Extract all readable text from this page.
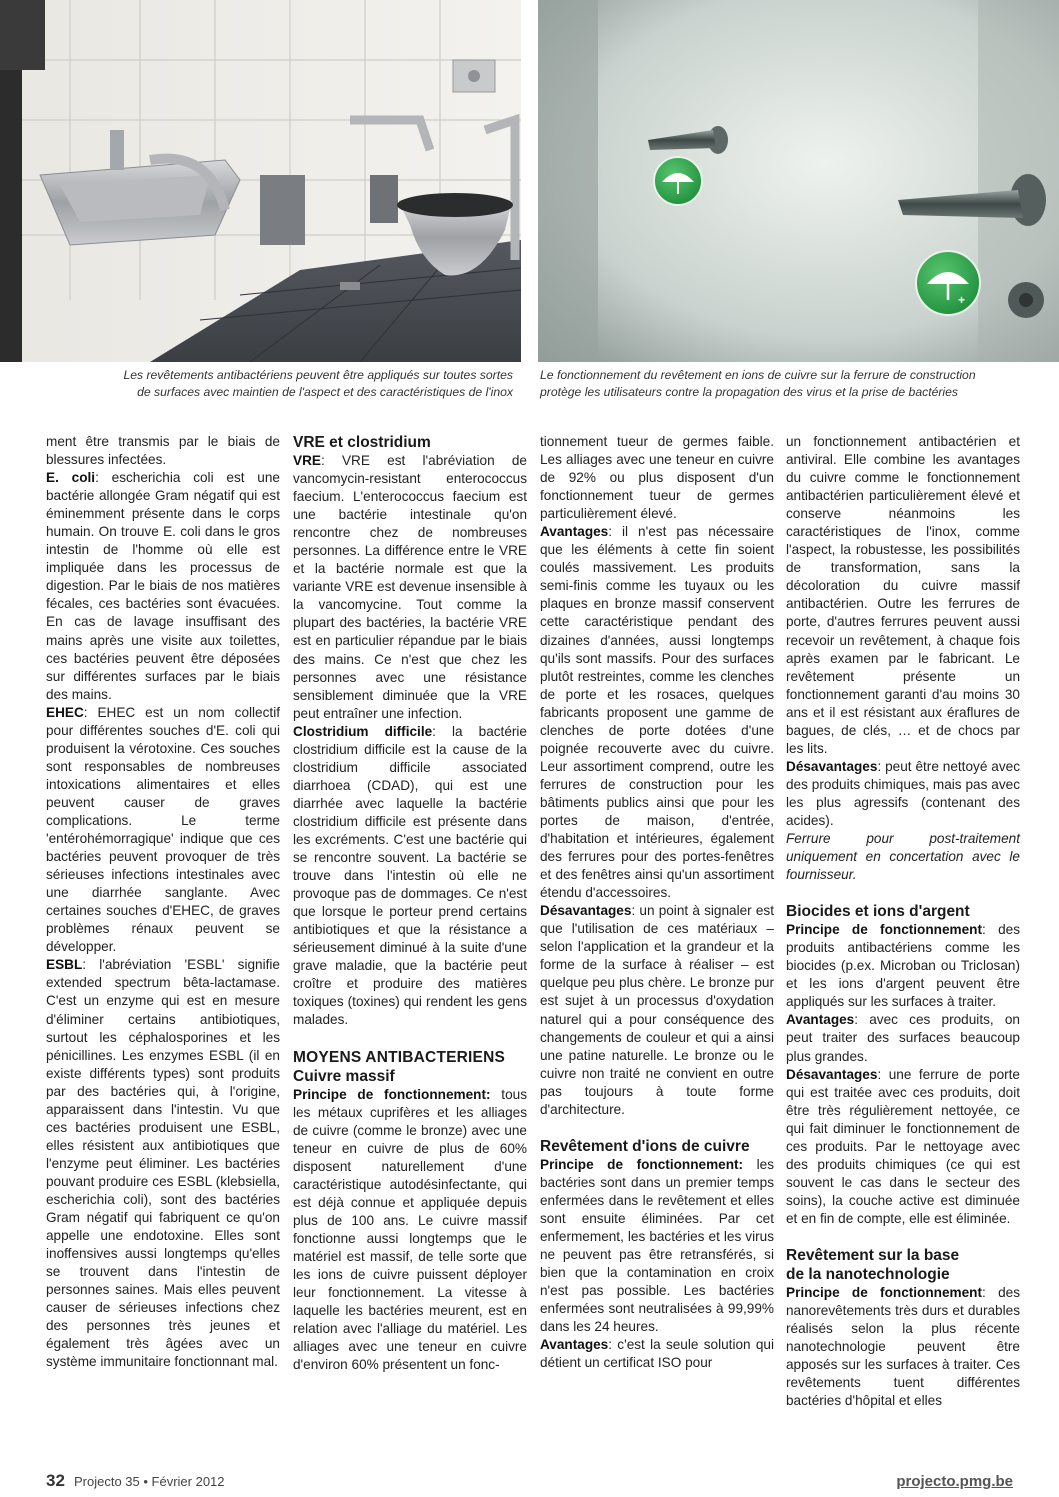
+
Les revêtements antibactériens peuvent être appliqués sur toutes sortes
de surfaces avec maintien de l'aspect et des caractéristiques de l'inox
Le fonctionnement du revêtement en ions de cuivre sur la ferrure de construction
protège les utilisateurs contre la propagation des virus et la prise de bactéries

ment être transmis par le biais de blessures infectées.

E. coli: escherichia coli est une bactérie allongée Gram négatif qui est éminemment présente dans le corps humain. On trouve E. coli dans le gros intestin de l'homme où elle est impliquée dans les processus de digestion. Par le biais de nos matières fécales, ces bactéries sont évacuées. En cas de lavage insuffisant des mains après une visite aux toilettes, ces bactéries peuvent être déposées sur différentes surfaces par le biais des mains.

EHEC: EHEC est un nom collectif pour différentes souches d'E. coli qui produisent la vérotoxine. Ces souches sont responsables de nombreuses intoxications alimentaires et elles peuvent causer de graves complications. Le terme 'entérohémorragique' indique que ces bactéries peuvent provoquer de très sérieuses infections intestinales avec une diarrhée sanglante. Avec certaines souches d'EHEC, de graves problèmes rénaux peuvent se développer.

ESBL: l'abréviation 'ESBL' signifie extended spectrum bêta-lactamase. C'est un enzyme qui est en mesure d'éliminer certains antibiotiques, surtout les céphalosporines et les pénicillines. Les enzymes ESBL (il en existe différents types) sont produits par des bactéries qui, à l'origine, apparaissent dans l'intestin. Vu que ces bactéries produisent une ESBL, elles résistent aux antibiotiques que l'enzyme peut éliminer. Les bactéries pouvant produire ces ESBL (klebsiella, escherichia coli), sont des bactéries Gram négatif qui fabriquent ce qu'on appelle une endotoxine. Elles sont inoffensives aussi longtemps qu'elles se trouvent dans l'intestin de personnes saines. Mais elles peuvent causer de sérieuses infections chez des personnes très jeunes et également très âgées avec un système immunitaire fonctionnant mal.

VRE et clostridium

VRE: VRE est l'abréviation de vancomycin-resistant enterococcus faecium. L'enterococcus faecium est une bactérie intestinale qu'on rencontre chez de nombreuses personnes. La différence entre le VRE et la bactérie normale est que la variante VRE est devenue insensible à la vancomycine. Tout comme la plupart des bactéries, la bactérie VRE est en particulier répandue par le biais des mains. Ce n'est que chez les personnes avec une résistance sensiblement diminuée que la VRE peut entraîner une infection.

Clostridium difficile: la bactérie clostridium difficile est la cause de la clostridium difficile associated diarrhoea (CDAD), qui est une diarrhée avec laquelle la bactérie clostridium difficile est présente dans les excréments. C'est une bactérie qui se rencontre souvent. La bactérie se trouve dans l'intestin où elle ne provoque pas de dommages. Ce n'est que lorsque le porteur prend certains antibiotiques et que la résistance a sérieusement diminué à la suite d'une grave maladie, que la bactérie peut croître et produire des matières toxiques (toxines) qui rendent les gens malades.

MOYENS ANTIBACTERIENS
Cuivre massif

Principe de fonctionnement: tous les métaux cuprifères et les alliages de cuivre (comme le bronze) avec une teneur en cuivre de plus de 60% disposent naturellement d'une caractéristique autodésinfectante, qui est déjà connue et appliquée depuis plus de 100 ans. Le cuivre massif fonctionne aussi longtemps que le matériel est massif, de telle sorte que les ions de cuivre puissent déployer leur fonctionnement. La vitesse à laquelle les bactéries meurent, est en relation avec l'alliage du matériel. Les alliages avec une teneur en cuivre d'environ 60% présentent un fonc-

tionnement tueur de germes faible. Les alliages avec une teneur en cuivre de 92% ou plus disposent d'un fonctionnement tueur de germes particulièrement élevé.

Avantages: il n'est pas nécessaire que les éléments à cette fin soient coulés massivement. Les produits semi-finis comme les tuyaux ou les plaques en bronze massif conservent cette caractéristique pendant des dizaines d'années, aussi longtemps qu'ils sont massifs. Pour des surfaces plutôt restreintes, comme les clenches de porte et les rosaces, quelques fabricants proposent une gamme de clenches de porte dotées d'une poignée recouverte avec du cuivre. Leur assortiment comprend, outre les ferrures de construction pour les bâtiments publics ainsi que pour les portes de maison, d'entrée, d'habitation et intérieures, également des ferrures pour des portes-fenêtres et des fenêtres ainsi qu'un assortiment étendu d'accessoires.

Désavantages: un point à signaler est que l'utilisation de ces matériaux – selon l'application et la grandeur et la forme de la surface à réaliser – est quelque peu plus chère. Le bronze pur est sujet à un processus d'oxydation naturel qui a pour conséquence des changements de couleur et qui a ainsi une patine naturelle. Le bronze ou le cuivre non traité ne convient en outre pas toujours à toute forme d'architecture.

Revêtement d'ions de cuivre

Principe de fonctionnement: les bactéries sont dans un premier temps enfermées dans le revêtement et elles sont ensuite éliminées. Par cet enfermement, les bactéries et les virus ne peuvent pas être retransférés, si bien que la contamination en croix n'est pas possible. Les bactéries enfermées sont neutralisées à 99,99% dans les 24 heures.

Avantages: c'est la seule solution qui détient un certificat ISO pour

un fonctionnement antibactérien et antiviral. Elle combine les avantages du cuivre comme le fonctionnement antibactérien particulièrement élevé et conserve néanmoins les caractéristiques de l'inox, comme l'aspect, la robustesse, les possibilités de transformation, sans la décoloration du cuivre massif antibactérien. Outre les ferrures de porte, d'autres ferrures peuvent aussi recevoir un revêtement, à chaque fois après examen par le fabricant. Le revêtement présente un fonctionnement garanti d'au moins 30 ans et il est résistant aux éraflures de bagues, de clés, … et de chocs par les lits.

Désavantages: peut être nettoyé avec des produits chimiques, mais pas avec les plus agressifs (contenant des acides).

Ferrure pour post-traitement uniquement en concertation avec le fournisseur.

Biocides et ions d'argent

Principe de fonctionnement: des produits antibactériens comme les biocides (p.ex. Microban ou Triclosan) et les ions d'argent peuvent être appliqués sur les surfaces à traiter.

Avantages: avec ces produits, on peut traiter des surfaces beaucoup plus grandes.

Désavantages: une ferrure de porte qui est traitée avec ces produits, doit être très régulièrement nettoyée, ce qui fait diminuer le fonctionnement de ces produits. Par le nettoyage avec des produits chimiques (ce qui est souvent le cas dans le secteur des soins), la couche active est diminuée et en fin de compte, elle est éliminée.

Revêtement sur la base
de la nanotechnologie

Principe de fonctionnement: des nanorevêtements très durs et durables réalisés selon la plus récente nanotechnologie peuvent être apposés sur les surfaces à traiter. Ces revêtements tuent différentes bactéries d'hôpital et elles

32 Projecto 35 • Février 2012	projecto.pmg.be
